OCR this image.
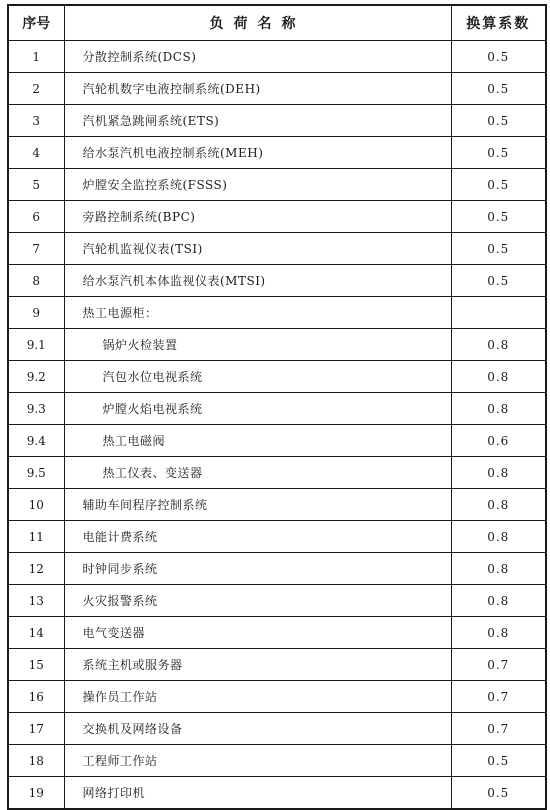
序号	负荷名称	换算系数
1	分散控制系统(DCS)	0.5
2	汽轮机数字电液控制系统(DEH)	0.5
3	汽机紧急跳闸系统(ETS)	0.5
4	给水泵汽机电液控制系统(MEH)	0.5
5	炉膛安全监控系统(FSSS)	0.5
6	旁路控制系统(BPC)	0.5
7	汽轮机监视仪表(TSI)	0.5
8	给水泵汽机本体监视仪表(MTSI)	0.5
9	热工电源柜：	
9.1	锅炉火检装置	0.8
9.2	汽包水位电视系统	0.8
9.3	炉膛火焰电视系统	0.8
9.4	热工电磁阀	0.6
9.5	热工仪表、变送器	0.8
10	辅助车间程序控制系统	0.8
11	电能计费系统	0.8
12	时钟同步系统	0.8
13	火灾报警系统	0.8
14	电气变送器	0.8
15	系统主机或服务器	0.7
16	操作员工作站	0.7
17	交换机及网络设备	0.7
18	工程师工作站	0.5
19	网络打印机	0.5
